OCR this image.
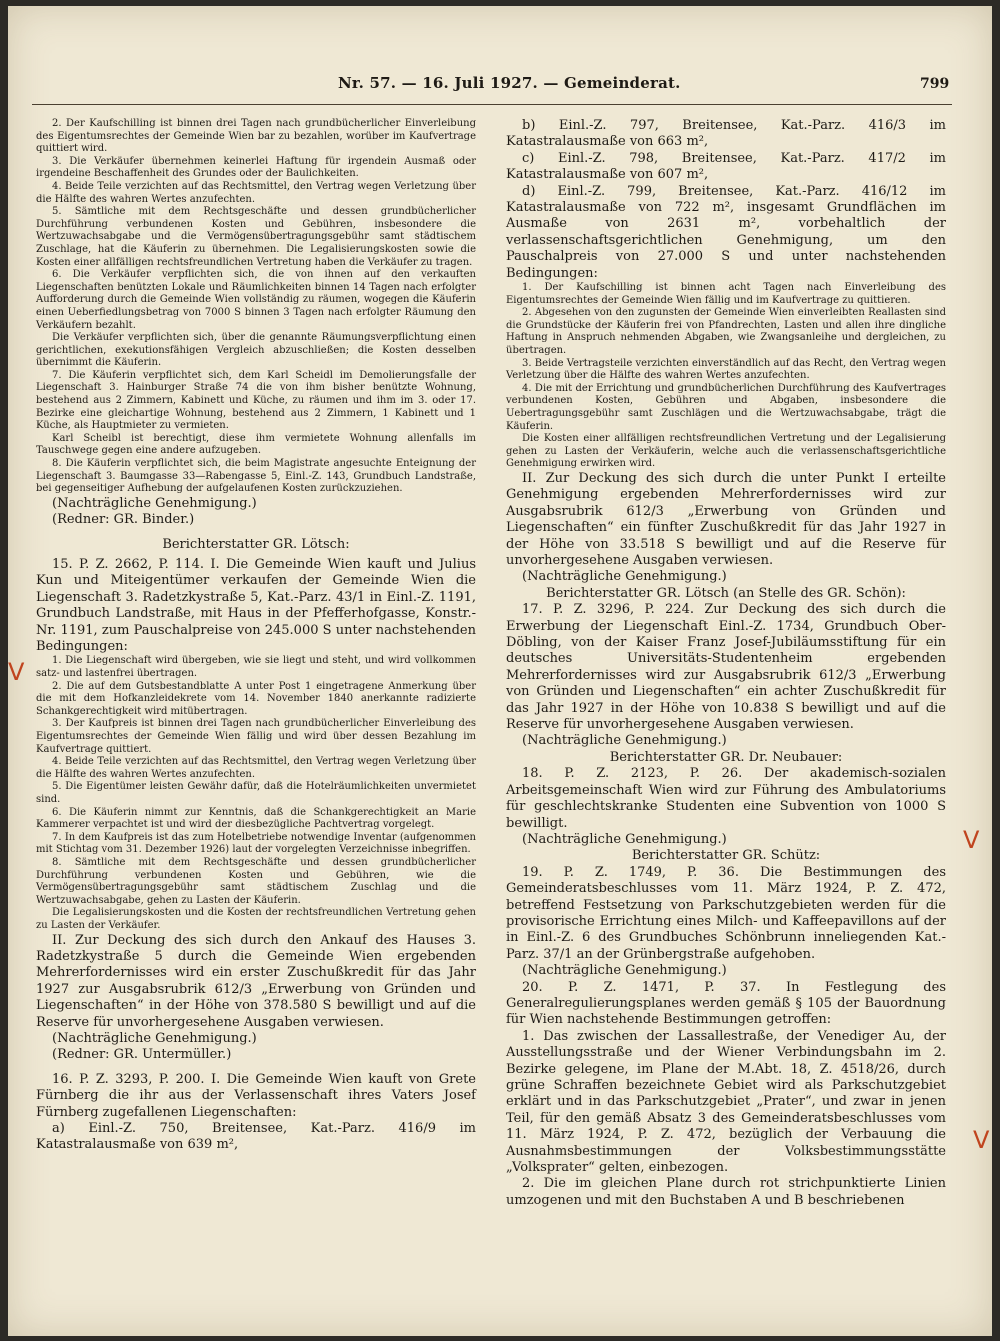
Nr. 57. — 16. Juli 1927. — Gemeinderat.	799

2. Der Kaufschilling ist binnen drei Tagen nach grundbücherlicher Einverleibung des Eigentumsrechtes der Gemeinde Wien bar zu bezahlen, worüber im Kaufvertrage quittiert wird.

3. Die Verkäufer übernehmen keinerlei Haftung für irgendein Ausmaß oder irgendeine Beschaffenheit des Grundes oder der Baulichkeiten.

4. Beide Teile verzichten auf das Rechtsmittel, den Vertrag wegen Verletzung über die Hälfte des wahren Wertes anzufechten.

5. Sämtliche mit dem Rechtsgeschäfte und dessen grundbücherlicher Durchführung verbundenen Kosten und Gebühren, insbesondere die Wertzuwachsabgabe und die Vermögensübertragungsgebühr samt städtischem Zuschlage, hat die Käuferin zu übernehmen. Die Legalisierungskosten sowie die Kosten einer allfälligen rechtsfreundlichen Vertretung haben die Verkäufer zu tragen.

6. Die Verkäufer verpflichten sich, die von ihnen auf den verkauften Liegenschaften benützten Lokale und Räumlichkeiten binnen 14 Tagen nach erfolgter Aufforderung durch die Gemeinde Wien vollständig zu räumen, wogegen die Käuferin einen Ueberfiedlungsbetrag von 7000 S binnen 3 Tagen nach erfolgter Räumung den Verkäufern bezahlt.

Die Verkäufer verpflichten sich, über die genannte Räumungsverpflichtung einen gerichtlichen, exekutionsfähigen Vergleich abzuschließen; die Kosten desselben übernimmt die Käuferin.

7. Die Käuferin verpflichtet sich, dem Karl Scheidl im Demolierungsfalle der Liegenschaft 3. Hainburger Straße 74 die von ihm bisher benützte Wohnung, bestehend aus 2 Zimmern, Kabinett und Küche, zu räumen und ihm im 3. oder 17. Bezirke eine gleichartige Wohnung, bestehend aus 2 Zimmern, 1 Kabinett und 1 Küche, als Hauptmieter zu vermieten.

Karl Scheibl ist berechtigt, diese ihm vermietete Wohnung allenfalls im Tauschwege gegen eine andere aufzugeben.

8. Die Käuferin verpflichtet sich, die beim Magistrate angesuchte Enteignung der Liegenschaft 3. Baumgasse 33—Rabengasse 5, Einl.-Z. 143, Grundbuch Landstraße, bei gegenseitiger Aufhebung der aufgelaufenen Kosten zurückzuziehen.

(Nachträgliche Genehmigung.)

(Redner: GR. Binder.)

Berichterstatter GR. Lötsch:

15. P. Z. 2662, P. 114. I. Die Gemeinde Wien kauft und Julius Kun und Miteigentümer verkaufen der Gemeinde Wien die Liegenschaft 3. Radetzkystraße 5, Kat.-Parz. 43/1 in Einl.-Z. 1191, Grundbuch Landstraße, mit Haus in der Pfefferhofgasse, Konstr.-Nr. 1191, zum Pauschalpreise von 245.000 S unter nachstehenden Bedingungen:

1. Die Liegenschaft wird übergeben, wie sie liegt und steht, und wird vollkommen satz- und lastenfrei übertragen.

2. Die auf dem Gutsbestandblatte A unter Post 1 eingetragene Anmerkung über die mit dem Hofkanzleidekrete vom 14. November 1840 anerkannte radizierte Schankgerechtigkeit wird mitübertragen.

3. Der Kaufpreis ist binnen drei Tagen nach grundbücherlicher Einverleibung des Eigentumsrechtes der Gemeinde Wien fällig und wird über dessen Bezahlung im Kaufvertrage quittiert.

4. Beide Teile verzichten auf das Rechtsmittel, den Vertrag wegen Verletzung über die Hälfte des wahren Wertes anzufechten.

5. Die Eigentümer leisten Gewähr dafür, daß die Hotelräumlichkeiten unvermietet sind.

6. Die Käuferin nimmt zur Kenntnis, daß die Schankgerechtigkeit an Marie Kammerer verpachtet ist und wird der diesbezügliche Pachtvertrag vorgelegt.

7. In dem Kaufpreis ist das zum Hotelbetriebe notwendige Inventar (aufgenommen mit Stichtag vom 31. Dezember 1926) laut der vorgelegten Verzeichnisse inbegriffen.

8. Sämtliche mit dem Rechtsgeschäfte und dessen grundbücherlicher Durchführung verbundenen Kosten und Gebühren, wie die Vermögensübertragungsgebühr samt städtischem Zuschlag und die Wertzuwachsabgabe, gehen zu Lasten der Käuferin.

Die Legalisierungskosten und die Kosten der rechtsfreundlichen Vertretung gehen zu Lasten der Verkäufer.

II. Zur Deckung des sich durch den Ankauf des Hauses 3. Radetzkystraße 5 durch die Gemeinde Wien ergebenden Mehrerfordernisses wird ein erster Zuschußkredit für das Jahr 1927 zur Ausgabsrubrik 612/3 „Erwerbung von Gründen und Liegenschaften“ in der Höhe von 378.580 S bewilligt und auf die Reserve für unvorhergesehene Ausgaben verwiesen.

(Nachträgliche Genehmigung.)

(Redner: GR. Untermüller.)

16. P. Z. 3293, P. 200. I. Die Gemeinde Wien kauft von Grete Fürnberg die ihr aus der Verlassenschaft ihres Vaters Josef Fürnberg zugefallenen Liegenschaften:

a) Einl.-Z. 750, Breitensee, Kat.-Parz. 416/9 im Katastralausmaße von 639 m²,

b) Einl.-Z. 797, Breitensee, Kat.-Parz. 416/3 im Katastralausmaße von 663 m²,

c) Einl.-Z. 798, Breitensee, Kat.-Parz. 417/2 im Katastralausmaße von 607 m²,

d) Einl.-Z. 799, Breitensee, Kat.-Parz. 416/12 im Katastralausmaße von 722 m², insgesamt Grundflächen im Ausmaße von 2631 m², vorbehaltlich der verlassenschaftsgerichtlichen Genehmigung, um den Pauschalpreis von 27.000 S und unter nachstehenden Bedingungen:

1. Der Kaufschilling ist binnen acht Tagen nach Einverleibung des Eigentumsrechtes der Gemeinde Wien fällig und im Kaufvertrage zu quittieren.

2. Abgesehen von den zugunsten der Gemeinde Wien einverleibten Reallasten sind die Grundstücke der Käuferin frei von Pfandrechten, Lasten und allen ihre dingliche Haftung in Anspruch nehmenden Abgaben, wie Zwangsanleihe und dergleichen, zu übertragen.

3. Beide Vertragsteile verzichten einverständlich auf das Recht, den Vertrag wegen Verletzung über die Hälfte des wahren Wertes anzufechten.

4. Die mit der Errichtung und grundbücherlichen Durchführung des Kaufvertrages verbundenen Kosten, Gebühren und Abgaben, insbesondere die Uebertragungsgebühr samt Zuschlägen und die Wertzuwachsabgabe, trägt die Käuferin.

Die Kosten einer allfälligen rechtsfreundlichen Vertretung und der Legalisierung gehen zu Lasten der Verkäuferin, welche auch die verlassenschaftsgerichtliche Genehmigung erwirken wird.

II. Zur Deckung des sich durch die unter Punkt I erteilte Genehmigung ergebenden Mehrerfordernisses wird zur Ausgabsrubrik 612/3 „Erwerbung von Gründen und Liegenschaften“ ein fünfter Zuschußkredit für das Jahr 1927 in der Höhe von 33.518 S bewilligt und auf die Reserve für unvorhergesehene Ausgaben verwiesen.

(Nachträgliche Genehmigung.)

Berichterstatter GR. Lötsch (an Stelle des GR. Schön):

17. P. Z. 3296, P. 224. Zur Deckung des sich durch die Erwerbung der Liegenschaft Einl.-Z. 1734, Grundbuch Ober-Döbling, von der Kaiser Franz Josef-Jubiläumsstiftung für ein deutsches Universitäts-Studentenheim ergebenden Mehrerfordernisses wird zur Ausgabsrubrik 612/3 „Erwerbung von Gründen und Liegenschaften“ ein achter Zuschußkredit für das Jahr 1927 in der Höhe von 10.838 S bewilligt und auf die Reserve für unvorhergesehene Ausgaben verwiesen.

(Nachträgliche Genehmigung.)

Berichterstatter GR. Dr. Neubauer:

18. P. Z. 2123, P. 26. Der akademisch-sozialen Arbeitsgemeinschaft Wien wird zur Führung des Ambulatoriums für geschlechtskranke Studenten eine Subvention von 1000 S bewilligt.

(Nachträgliche Genehmigung.)

Berichterstatter GR. Schütz:

19. P. Z. 1749, P. 36. Die Bestimmungen des Gemeinderatsbeschlusses vom 11. März 1924, P. Z. 472, betreffend Festsetzung von Parkschutzgebieten werden für die provisorische Errichtung eines Milch- und Kaffeepavillons auf der in Einl.-Z. 6 des Grundbuches Schönbrunn inneliegenden Kat.-Parz. 37/1 an der Grünbergstraße aufgehoben.

(Nachträgliche Genehmigung.)

20. P. Z. 1471, P. 37. In Festlegung des Generalregulierungsplanes werden gemäß § 105 der Bauordnung für Wien nachstehende Bestimmungen getroffen:

1. Das zwischen der Lassallestraße, der Venediger Au, der Ausstellungsstraße und der Wiener Verbindungsbahn im 2. Bezirke gelegene, im Plane der M.Abt. 18, Z. 4518/26, durch grüne Schraffen bezeichnete Gebiet wird als Parkschutzgebiet erklärt und in das Parkschutzgebiet „Prater“, und zwar in jenen Teil, für den gemäß Absatz 3 des Gemeinderatsbeschlusses vom 11. März 1924, P. Z. 472, bezüglich der Verbauung die Ausnahmsbestimmungen der Volksbestimmungsstätte „Volksprater“ gelten, einbezogen.

2. Die im gleichen Plane durch rot strichpunktierte Linien umzogenen und mit den Buchstaben A und B beschriebenen

V
V
V
